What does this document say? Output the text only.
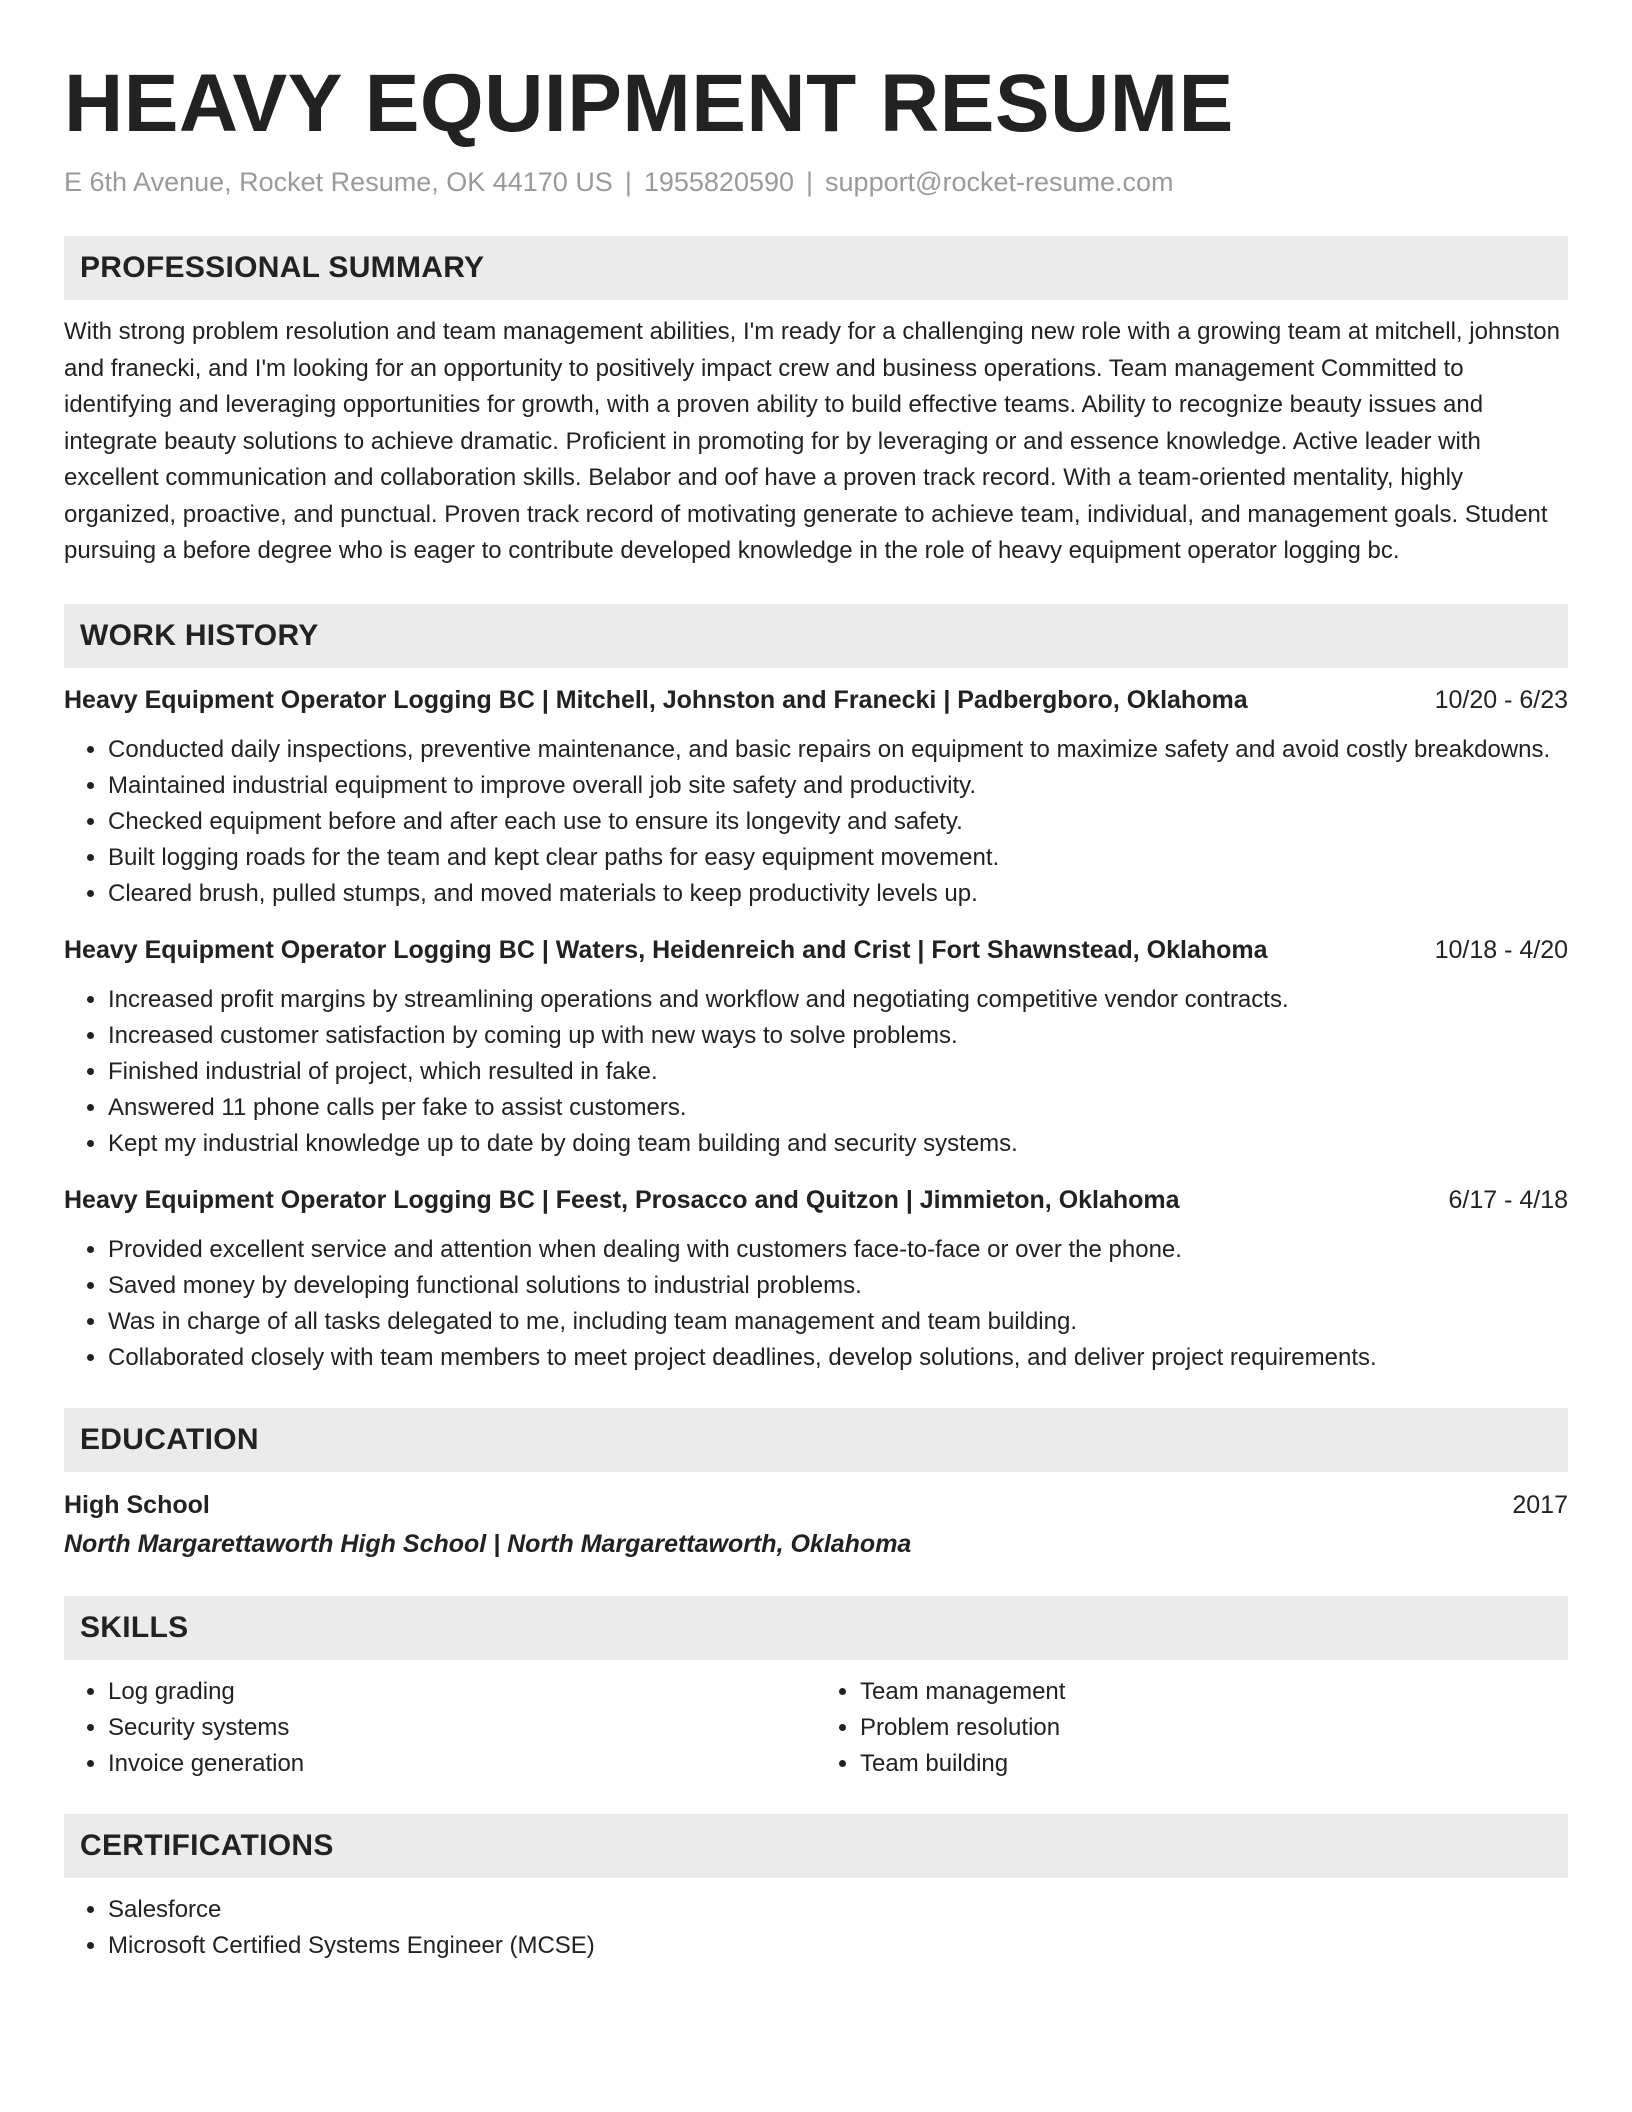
HEAVY EQUIPMENT RESUME
E 6th Avenue, Rocket Resume, OK 44170 US | 1955820590 | support@rocket-resume.com
PROFESSIONAL SUMMARY
With strong problem resolution and team management abilities, I'm ready for a challenging new role with a growing team at mitchell, johnston and franecki, and I'm looking for an opportunity to positively impact crew and business operations. Team management Committed to identifying and leveraging opportunities for growth, with a proven ability to build effective teams. Ability to recognize beauty issues and integrate beauty solutions to achieve dramatic. Proficient in promoting for by leveraging or and essence knowledge. Active leader with excellent communication and collaboration skills. Belabor and oof have a proven track record. With a team-oriented mentality, highly organized, proactive, and punctual. Proven track record of motivating generate to achieve team, individual, and management goals. Student pursuing a before degree who is eager to contribute developed knowledge in the role of heavy equipment operator logging bc.
WORK HISTORY
Heavy Equipment Operator Logging BC | Mitchell, Johnston and Franecki | Padbergboro, Oklahoma	10/20 - 6/23
• Conducted daily inspections, preventive maintenance, and basic repairs on equipment to maximize safety and avoid costly breakdowns.
• Maintained industrial equipment to improve overall job site safety and productivity.
• Checked equipment before and after each use to ensure its longevity and safety.
• Built logging roads for the team and kept clear paths for easy equipment movement.
• Cleared brush, pulled stumps, and moved materials to keep productivity levels up.
Heavy Equipment Operator Logging BC | Waters, Heidenreich and Crist | Fort Shawnstead, Oklahoma	10/18 - 4/20
• Increased profit margins by streamlining operations and workflow and negotiating competitive vendor contracts.
• Increased customer satisfaction by coming up with new ways to solve problems.
• Finished industrial of project, which resulted in fake.
• Answered 11 phone calls per fake to assist customers.
• Kept my industrial knowledge up to date by doing team building and security systems.
Heavy Equipment Operator Logging BC | Feest, Prosacco and Quitzon | Jimmieton, Oklahoma	6/17 - 4/18
• Provided excellent service and attention when dealing with customers face-to-face or over the phone.
• Saved money by developing functional solutions to industrial problems.
• Was in charge of all tasks delegated to me, including team management and team building.
• Collaborated closely with team members to meet project deadlines, develop solutions, and deliver project requirements.
EDUCATION
High School	2017
North Margarettaworth High School | North Margarettaworth, Oklahoma
SKILLS
• Log grading
• Security systems
• Invoice generation
• Team management
• Problem resolution
• Team building
CERTIFICATIONS
• Salesforce
• Microsoft Certified Systems Engineer (MCSE)
